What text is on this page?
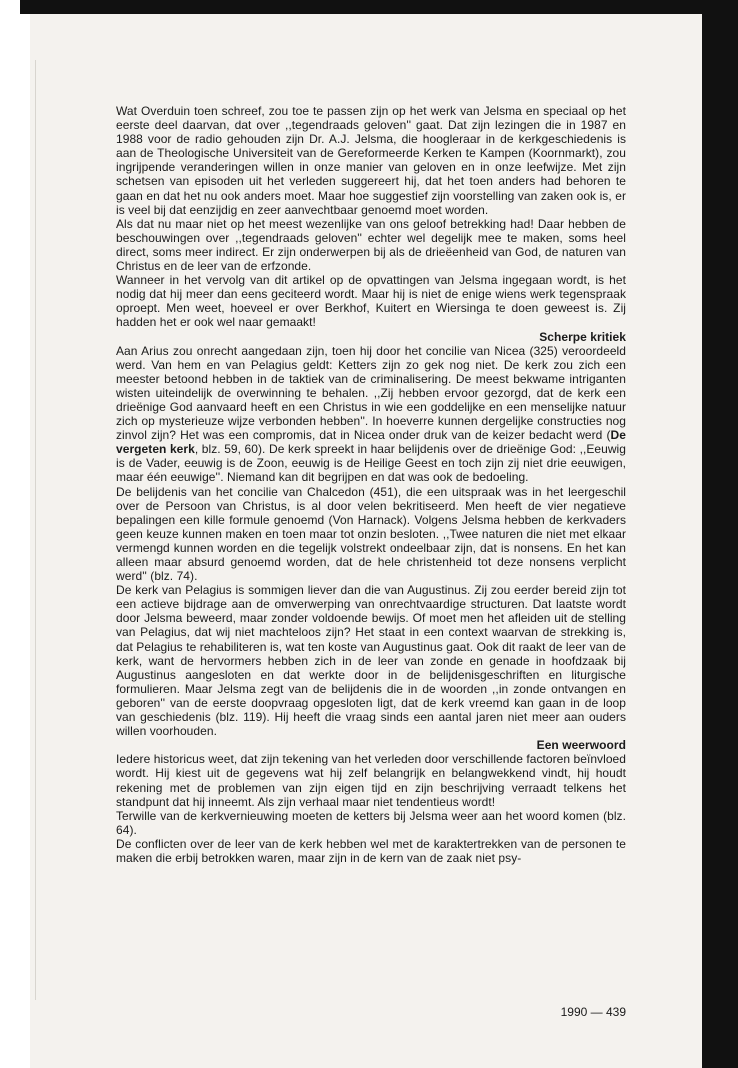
Wat Overduin toen schreef, zou toe te passen zijn op het werk van Jelsma en speciaal op het eerste deel daarvan, dat over ,,tegendraads geloven'' gaat. Dat zijn lezingen die in 1987 en 1988 voor de radio gehouden zijn Dr. A.J. Jelsma, die hoogleraar in de kerkgeschiedenis is aan de Theologische Universiteit van de Gereformeerde Kerken te Kampen (Koornmarkt), zou ingrijpende veranderingen willen in onze manier van geloven en in onze leefwijze. Met zijn schetsen van episoden uit het verleden suggereert hij, dat het toen anders had behoren te gaan en dat het nu ook anders moet. Maar hoe suggestief zijn voorstelling van zaken ook is, er is veel bij dat eenzijdig en zeer aanvechtbaar genoemd moet worden.

Als dat nu maar niet op het meest wezenlijke van ons geloof betrekking had! Daar hebben de beschouwingen over ,,tegendraads geloven'' echter wel degelijk mee te maken, soms heel direct, soms meer indirect. Er zijn onderwerpen bij als de drieëenheid van God, de naturen van Christus en de leer van de erfzonde.

Wanneer in het vervolg van dit artikel op de opvattingen van Jelsma ingegaan wordt, is het nodig dat hij meer dan eens geciteerd wordt. Maar hij is niet de enige wiens werk tegenspraak oproept. Men weet, hoeveel er over Berkhof, Kuitert en Wiersinga te doen geweest is. Zij hadden het er ook wel naar gemaakt!

Scherpe kritiek

Aan Arius zou onrecht aangedaan zijn, toen hij door het concilie van Nicea (325) veroordeeld werd. Van hem en van Pelagius geldt: Ketters zijn zo gek nog niet. De kerk zou zich een meester betoond hebben in de taktiek van de criminalisering. De meest bekwame intriganten wisten uiteindelijk de overwinning te behalen. ,,Zij hebben ervoor gezorgd, dat de kerk een drieënige God aanvaard heeft en een Christus in wie een goddelijke en een menselijke natuur zich op mysterieuze wijze verbonden hebben''. In hoeverre kunnen dergelijke constructies nog zinvol zijn? Het was een compromis, dat in Nicea onder druk van de keizer bedacht werd (De vergeten kerk, blz. 59, 60). De kerk spreekt in haar belijdenis over de drieënige God: ,,Eeuwig is de Vader, eeuwig is de Zoon, eeuwig is de Heilige Geest en toch zijn zij niet drie eeuwigen, maar één eeuwige''. Niemand kan dit begrijpen en dat was ook de bedoeling.

De belijdenis van het concilie van Chalcedon (451), die een uitspraak was in het leergeschil over de Persoon van Christus, is al door velen bekritiseerd. Men heeft de vier negatieve bepalingen een kille formule genoemd (Von Harnack). Volgens Jelsma hebben de kerkvaders geen keuze kunnen maken en toen maar tot onzin besloten. ,,Twee naturen die niet met elkaar vermengd kunnen worden en die tegelijk volstrekt ondeelbaar zijn, dat is nonsens. En het kan alleen maar absurd genoemd worden, dat de hele christenheid tot deze nonsens verplicht werd'' (blz. 74).

De kerk van Pelagius is sommigen liever dan die van Augustinus. Zij zou eerder bereid zijn tot een actieve bijdrage aan de omverwerping van onrechtvaardige structuren. Dat laatste wordt door Jelsma beweerd, maar zonder voldoende bewijs. Of moet men het afleiden uit de stelling van Pelagius, dat wij niet machteloos zijn? Het staat in een context waarvan de strekking is, dat Pelagius te rehabiliteren is, wat ten koste van Augustinus gaat. Ook dit raakt de leer van de kerk, want de hervormers hebben zich in de leer van zonde en genade in hoofdzaak bij Augustinus aangesloten en dat werkte door in de belijdenisgeschriften en liturgische formulieren. Maar Jelsma zegt van de belijdenis die in de woorden ,,in zonde ontvangen en geboren'' van de eerste doopvraag opgesloten ligt, dat de kerk vreemd kan gaan in de loop van geschiedenis (blz. 119). Hij heeft die vraag sinds een aantal jaren niet meer aan ouders willen voorhouden.

Een weerwoord

Iedere historicus weet, dat zijn tekening van het verleden door verschillende factoren beïnvloed wordt. Hij kiest uit de gegevens wat hij zelf belangrijk en belangwekkend vindt, hij houdt rekening met de problemen van zijn eigen tijd en zijn beschrijving verraadt telkens het standpunt dat hij inneemt. Als zijn verhaal maar niet tendentieus wordt!

Terwille van de kerkvernieuwing moeten de ketters bij Jelsma weer aan het woord komen (blz. 64).

De conflicten over de leer van de kerk hebben wel met de karaktertrekken van de personen te maken die erbij betrokken waren, maar zijn in de kern van de zaak niet psy-

1990 — 439
